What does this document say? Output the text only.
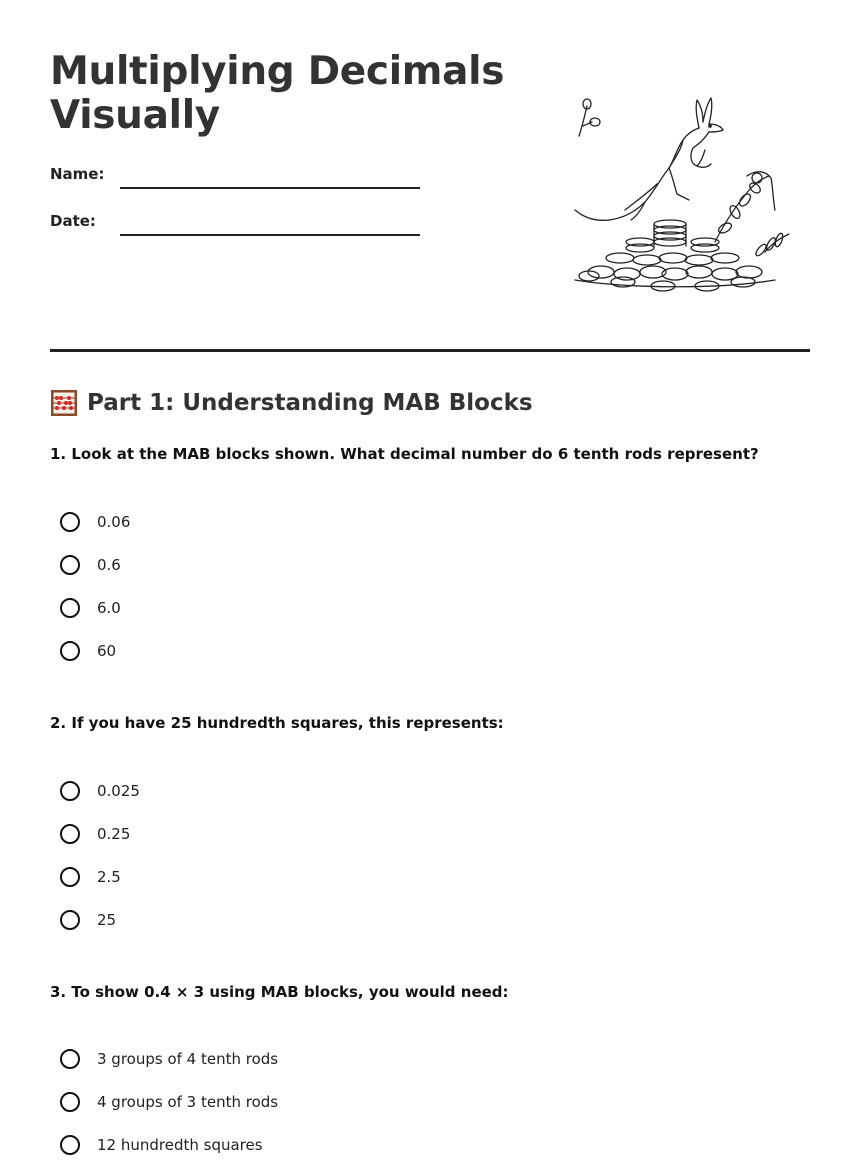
Multiplying Decimals Visually
Name:
Date:
Part 1: Understanding MAB Blocks

1. Look at the MAB blocks shown. What decimal number do 6 tenth rods represent?

0.06
0.6
6.0
60

2. If you have 25 hundredth squares, this represents:

0.025
0.25
2.5
25

3. To show 0.4 × 3 using MAB blocks, you would need:

3 groups of 4 tenth rods
4 groups of 3 tenth rods
12 hundredth squares
